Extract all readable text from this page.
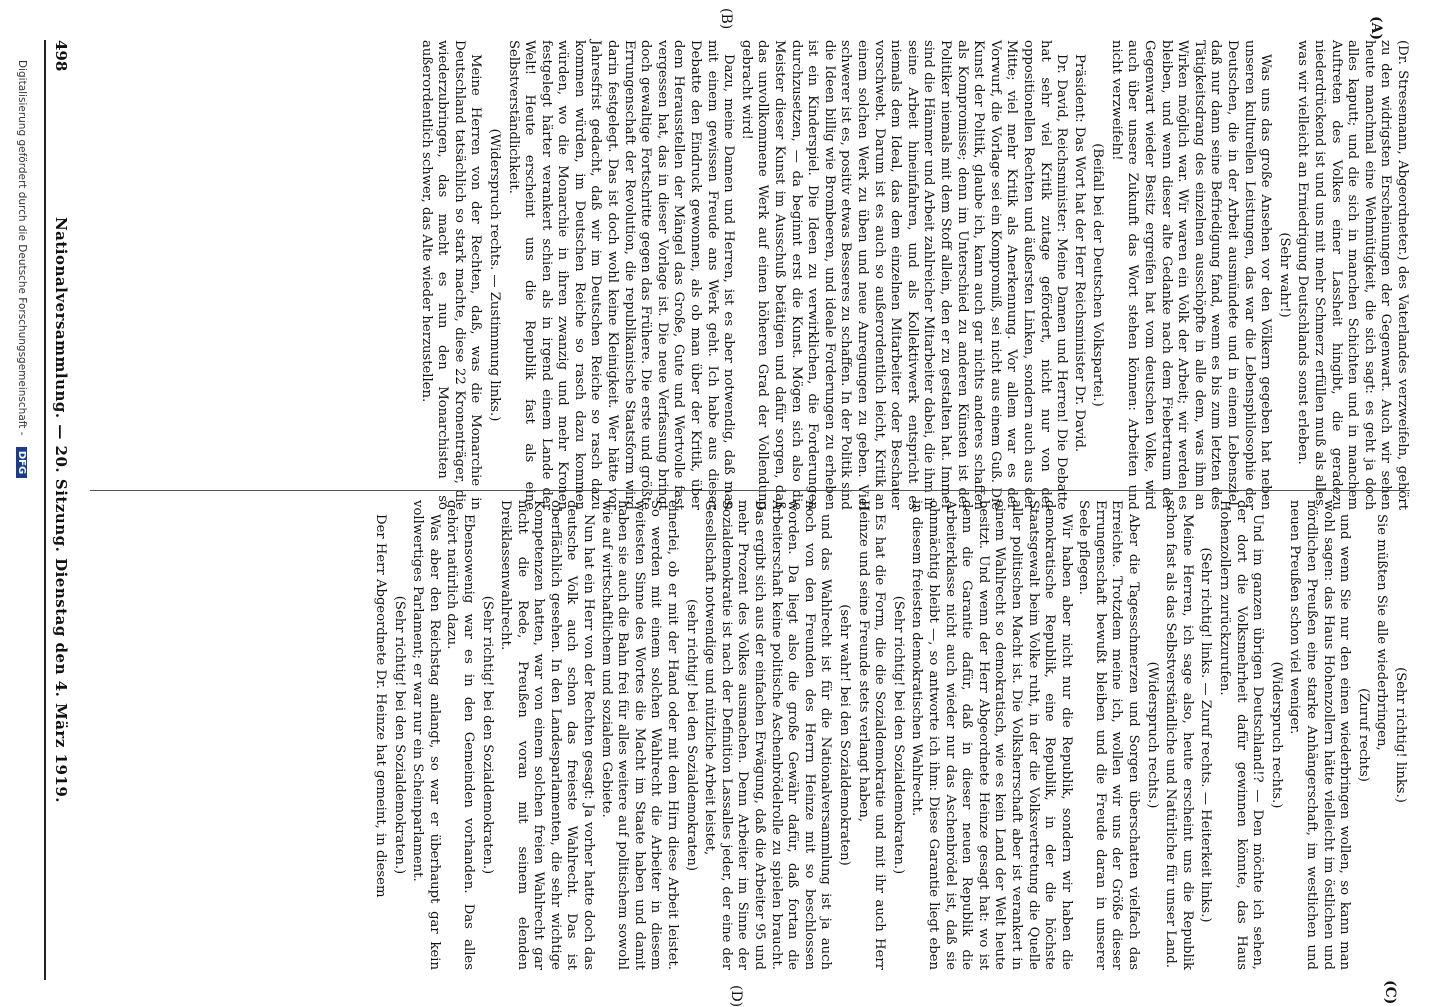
498
Nationalversammlung. — 20. Sitzung. Dienstag den 4. März 1919.
(A)
(B)
(C)
(D)

(Dr. Stresemann, Abgeordneter.) des Vaterlandes verzweifeln, gehört zu den widrigsten Erscheinungen der Gegenwart. Auch wir sehen heute manchmal eine Wehmütigkeit, die sich sagt: es geht ja doch alles kaputt; und die sich in manchen Schichten und in manchem Auftreten des Volkes einer Lassheit hingibt, die geradezu niederdrückend ist und uns mit mehr Schmerz erfüllen muß als alles, was wir vielleicht an Erniedrigung Deutschlands sonst erleben.

(Sehr wahr!)

Was uns das große Ansehen vor den Völkern gegeben hat neben unseren kulturellen Leistungen, das war die Lebensphilosophie der Deutschen, die in der Arbeit ausmündete und in einem Lebensziel, daß nur dann seine Befriedigung fand, wenn es bis zum letzten des Tätigkeitsdrang des einzelnen ausschöpfte in alle dem, was ihm an Wirken möglich war. Wir waren ein Volk der Arbeit; wir werden es bleiben, und wenn dieser alte Gedanke nach dem Fiebertraum der Gegenwart wieder Besitz ergreifen hat vom deutschen Volke, wird auch über unsere Zukunft das Wort stehen können: Arbeiten und nicht verzweifeln!

(Beifall bei der Deutschen Volkspartei.)

Präsident: Das Wort hat der Herr Reichsminister Dr. David.

Dr. David, Reichsminister: Meine Damen und Herren! Die Debatte hat sehr viel Kritik zutage gefördert, nicht nur von der oppositionellen Rechten und äußersten Linken, sondern auch aus der Mitte; viel mehr Kritik als Anerkennung. Vor allem war es der Vorwurf, die Vorlage sei ein Kompromiß, sei nicht aus einem Guß. Die Kunst der Politik, glaube ich, kann auch gar nichts anderes schaffen als Kompromisse; denn im Unterschied zu anderen Künsten ist der Politiker niemals mit dem Stoff allein, den er zu gestalten hat. Immer sind die Hämmer und Arbeit zahlreicher Mitarbeiter dabei, die ihm in seine Arbeit hineinfahren, und als Kollektivwerk entspricht es niemals dem Ideal, das dem einzelnen Mitarbeiter oder Beschauer vorschwebt. Darum ist es auch so außerordentlich leicht, Kritik an einem solchen Werk zu üben und neue Anregungen zu geben. Viel schwerer ist es, positiv etwas Besseres zu schaffen. In der Politik sind die Ideen billig wie Brombeeren, und ideale Forderungen zu erheben ist ein Kinderspiel. Die Ideen zu verwirklichen, die Forderungen durchzusetzen, — da beginnt erst die Kunst. Mögen sich also die Meister dieser Kunst im Ausschuß betätigen und dafür sorgen, daß das unvollkommene Werk auf einen höheren Grad der Vollendung gebracht wird!

Dazu, meine Damen und Herren, ist es aber notwendig, daß man mit einem gewissen Freude ans Werk geht. Ich habe aus dieser Debatte den Eindruck gewonnen, als ob man über der Kritik, über dem Herausstellen der Mängel das Große, Gute und Wertvolle fast vergessen hat, das in dieser Vorlage ist. Die neue Verfassung bringt doch gewaltige Fortschritte gegen das Frühere. Die erste und größte Errungenschaft der Revolution, die republikanische Staatsform wird darin festgelegt. Das ist doch wohl keine Kleinigkeit. Wer hätte vor Jahresfrist gedacht, daß wir im Deutschen Reiche so rasch dazu kommen würden, im Deutschen Reiche so rasch dazu kommen würden, wo die Monarchie in ihren zwanzig und mehr Kronen festgelegt härter verankert schien als in irgend einem Lande der Welt! Heute erscheint uns die Republik fast als eine Selbstverständlichkeit.

(Widerspruch rechts. — Zustimmung links.)

Meine Herren von der Rechten, daß, was die Monarchie in Deutschland tatsächlich so stark machte, diese 22 Kronenträger, die wiederzubringen, das macht es nun den Monarchisten so außerordentlich schwer, das Alte wieder herzustellen.

(Sehr richtig! links.)

Sie müßten Sie alle wiederbringen,

(Zuruf rechts)

und wenn Sie nur den einen wiederbringen wollen, so kann man wohl sagen: das Haus Hohenzollern hätte vielleicht im östlichen und nördlichen Preußen eine starke Anhängerschaft, im westlichen und neuen Preußen schon viel weniger.

(Widerspruch rechts.)

Und im ganzen übrigen Deutschland!? — Den möchte ich sehen, der dort die Volksmehrheit dafür gewinnen könnte, das Haus Hohenzollern zurückzurufen.

(Sehr richtig! links. — Zuruf rechts. — Heiterkeit links.)

Meine Herren, ich sage also, heute erscheint uns die Republik schon fast als das Selbstverständliche und Natürliche für unser Land.

(Widerspruch rechts.)

Aber die Tagesschmerzen und Sorgen überschatten vielfach das Erreichte. Trotzdem meine ich, wollen wir uns der Größe dieser Errungenschaft bewußt bleiben und die Freude daran in unserer Seele pflegen.

Wir haben aber nicht nur die Republik, sondern wir haben die demokratische Republik, eine Republik, in der die höchste Staatsgewalt beim Volke ruht, in der die Volksvertretung die Quelle aller politischen Macht ist. Die Volksherrschaft aber ist verankert in einem Wahlrecht so demokratisch, wie es kein Land der Welt heute besitzt. Und wenn der Herr Abgeordnete Heinze gesagt hat: wo ist denn die Garantie dafür, daß in dieser neuen Republik die Arbeiterklasse nicht auch wieder nur das Aschenbrödel ist, daß sie ohnmächtig bleibt —, so antworte ich ihm: Diese Garantie liegt eben in diesem freiesten demokratischen Wahlrecht.

(Sehr richtig! bei den Sozialdemokraten.)

Es hat die Form, die die Sozialdemokratie und mit ihr auch Herr Heinze und seine Freunde stets verlangt haben,

(sehr wahr! bei den Sozialdemokraten)

und das Wahlrecht ist für die Nationalversammlung ist ja auch noch von den Freunden des Herrn Heinze mit so beschlossen worden. Da liegt also die große Gewähr dafür, daß fortan die Arbeiterschaft keine politische Aschenbrödelrolle zu spielen braucht. Das ergibt sich aus der einfachen Erwägung, daß die Arbeiter 95 und mehr Prozent des Volkes ausmachen. Denn Arbeiter im Sinne der Sozialdemokratie ist nach der Definition Lassalles jeder, der eine der Gesellschaft notwendige und nützliche Arbeit leistet,

(sehr richtig! bei den Sozialdemokraten)

einerlei, ob er mit der Hand oder mit dem Hirn diese Arbeit leistet. So werden mit einem solchen Wahlrecht die Arbeiter in diesem weitesten Sinne des Wortes die Macht im Staate haben und damit haben sie auch die Bahn frei für alles weitere auf politischem sowohl wie auf wirtschaftlichem und sozialem Gebiete.

Nun hat ein Herr von der Rechten gesagt: Ja vorher hatte doch das deutsche Volk auch schon das freieste Wahlrecht. Das ist oberflächlich gesehen. In den Landesparlamenten, die sehr wichtige Kompetenzen hatten, war von einem solchen freien Wahlrecht gar nicht die Rede, Preußen voran mit seinem elenden Dreiklassenwahlrecht.

(Sehr richtig! bei den Sozialdemokraten.)

Ebensowenig war es in den Gemeinden vorhanden. Das alles gehört natürlich dazu.

Was aber den Reichstag anlangt, so war er überhaupt gar kein vollwertiges Parlament; er war nur ein Scheinparlament.

(Sehr richtig! bei den Sozialdemokraten.)

Der Herr Abgeordnete Dr. Heinze hat gemeint, in diesem

Digitalisierung gefördert durch die Deutsche Forschungsgemeinschaft - DFG
